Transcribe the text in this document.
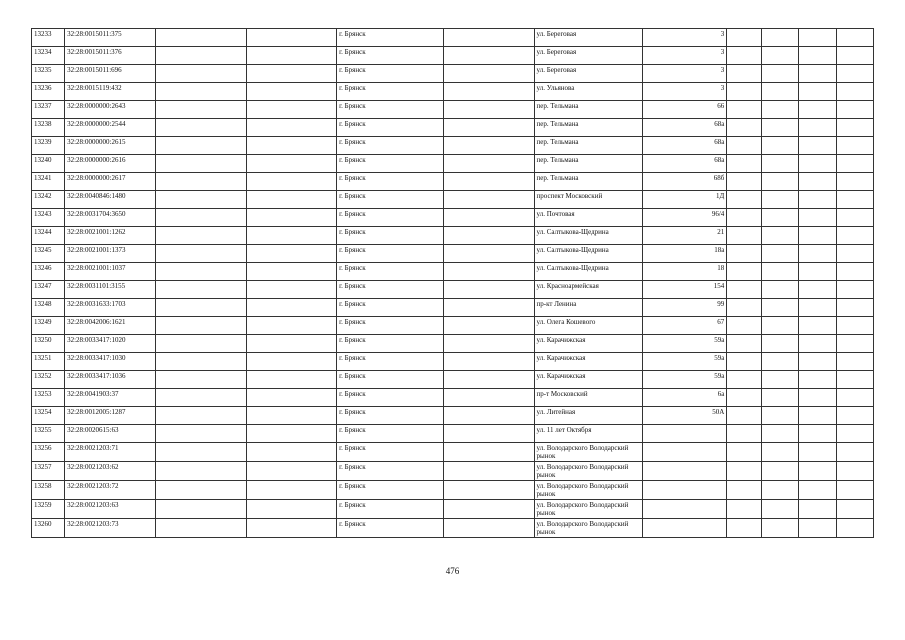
13233	32:28:0015011:375			г. Брянск		ул. Береговая	3				
13234	32:28:0015011:376			г. Брянск		ул. Береговая	3				
13235	32:28:0015011:696			г. Брянск		ул. Береговая	3				
13236	32:28:0015119:432			г. Брянск		ул. Ульянова	3				
13237	32:28:0000000:2643			г. Брянск		пер. Тельмана	66				
13238	32:28:0000000:2544			г. Брянск		пер. Тельмана	68а				
13239	32:28:0000000:2615			г. Брянск		пер. Тельмана	68а				
13240	32:28:0000000:2616			г. Брянск		пер. Тельмана	68а				
13241	32:28:0000000:2617			г. Брянск		пер. Тельмана	68б				
13242	32:28:0040846:1480			г. Брянск		проспект Московский	1Д				
13243	32:28:0031704:3650			г. Брянск		ул. Почтовая	96/4				
13244	32:28:0021001:1262			г. Брянск		ул. Салтыкова-Щедрина	21				
13245	32:28:0021001:1373			г. Брянск		ул. Салтыкова-Щедрина	18а				
13246	32:28:0021001:1037			г. Брянск		ул. Салтыкова-Щедрина	18				
13247	32:28:0031101:3155			г. Брянск		ул. Красноармейская	154				
13248	32:28:0031633:1703			г. Брянск		пр-кт Ленина	99				
13249	32:28:0042006:1621			г. Брянск		ул. Олега Кошевого	67				
13250	32:28:0033417:1020			г. Брянск		ул. Карачижская	59а				
13251	32:28:0033417:1030			г. Брянск		ул. Карачижская	59а				
13252	32:28:0033417:1036			г. Брянск		ул. Карачижская	59а				
13253	32:28:0041903:37			г. Брянск		пр-т Московский	6а				
13254	32:28:0012005:1287			г. Брянск		ул. Литейная	50А				
13255	32:28:0020615:63			г. Брянск		ул. 11 лет Октября					
13256	32:28:0021203:71			г. Брянск		ул. Володарского Володарский рынок					
13257	32:28:0021203:62			г. Брянск		ул. Володарского Володарский рынок					
13258	32:28:0021203:72			г. Брянск		ул. Володарского Володарский рынок					
13259	32:28:0021203:63			г. Брянск		ул. Володарского Володарский рынок					
13260	32:28:0021203:73			г. Брянск		ул. Володарского Володарский рынок					
476
